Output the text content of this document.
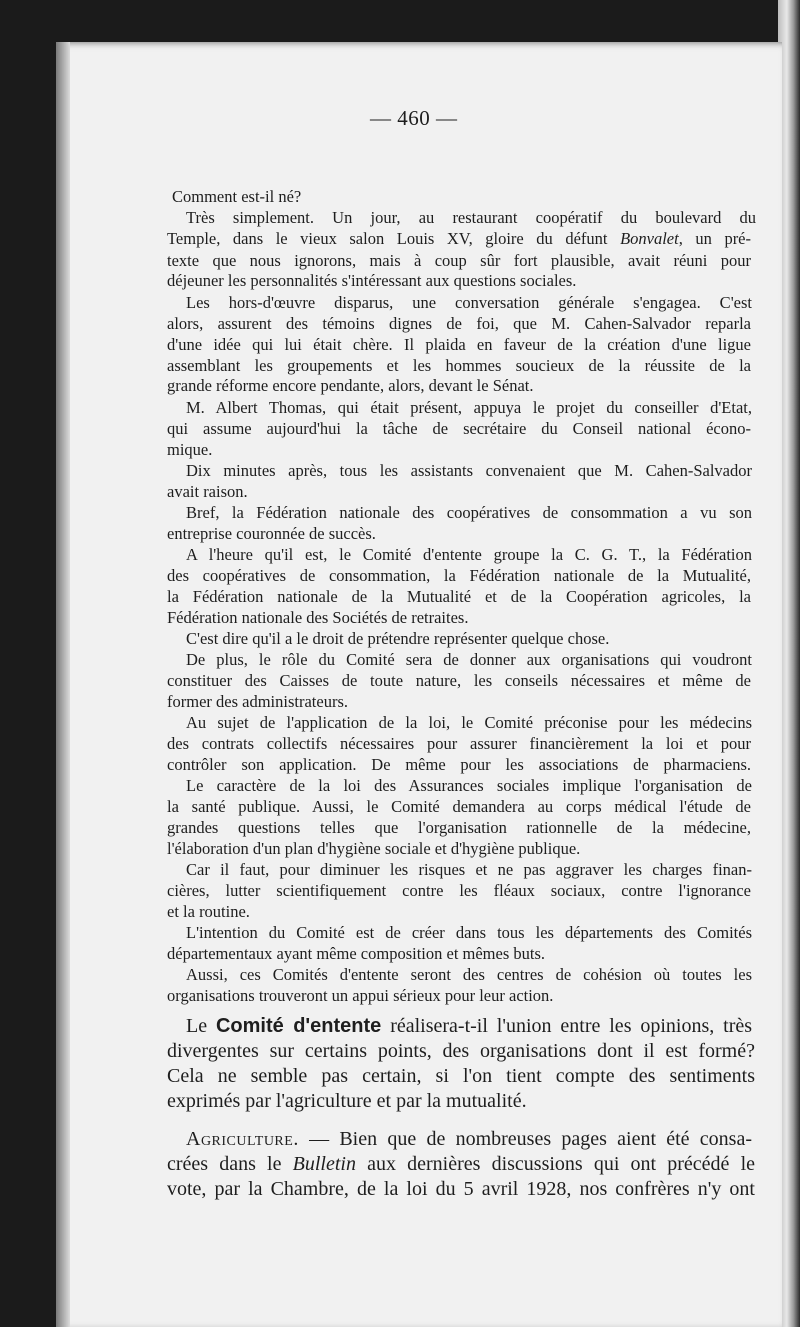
— 460 —
Comment est-il né?
Très simplement. Un jour, au restaurant coopératif du boulevard du
Temple, dans le vieux salon Louis XV, gloire du défunt Bonvalet, un pré-
texte que nous ignorons, mais à coup sûr fort plausible, avait réuni pour
déjeuner les personnalités s'intéressant aux questions sociales.
Les hors-d'œuvre disparus, une conversation générale s'engagea. C'est
alors, assurent des témoins dignes de foi, que M. Cahen-Salvador reparla
d'une idée qui lui était chère. Il plaida en faveur de la création d'une ligue
assemblant les groupements et les hommes soucieux de la réussite de la
grande réforme encore pendante, alors, devant le Sénat.
M. Albert Thomas, qui était présent, appuya le projet du conseiller d'Etat,
qui assume aujourd'hui la tâche de secrétaire du Conseil national écono-
mique.
Dix minutes après, tous les assistants convenaient que M. Cahen-Salvador
avait raison.
Bref, la Fédération nationale des coopératives de consommation a vu son
entreprise couronnée de succès.
A l'heure qu'il est, le Comité d'entente groupe la C. G. T., la Fédération
des coopératives de consommation, la Fédération nationale de la Mutualité,
la Fédération nationale de la Mutualité et de la Coopération agricoles, la
Fédération nationale des Sociétés de retraites.
C'est dire qu'il a le droit de prétendre représenter quelque chose.
De plus, le rôle du Comité sera de donner aux organisations qui voudront
constituer des Caisses de toute nature, les conseils nécessaires et même de
former des administrateurs.
Au sujet de l'application de la loi, le Comité préconise pour les médecins
des contrats collectifs nécessaires pour assurer financièrement la loi et pour
contrôler son application. De même pour les associations de pharmaciens.
Le caractère de la loi des Assurances sociales implique l'organisation de
la santé publique. Aussi, le Comité demandera au corps médical l'étude de
grandes questions telles que l'organisation rationnelle de la médecine,
l'élaboration d'un plan d'hygiène sociale et d'hygiène publique.
Car il faut, pour diminuer les risques et ne pas aggraver les charges finan-
cières, lutter scientifiquement contre les fléaux sociaux, contre l'ignorance
et la routine.
L'intention du Comité est de créer dans tous les départements des Comités
départementaux ayant même composition et mêmes buts.
Aussi, ces Comités d'entente seront des centres de cohésion où toutes les
organisations trouveront un appui sérieux pour leur action.
Le Comité d'entente réalisera-t-il l'union entre les opinions, très
divergentes sur certains points, des organisations dont il est formé?
Cela ne semble pas certain, si l'on tient compte des sentiments
exprimés par l'agriculture et par la mutualité.
Agriculture. — Bien que de nombreuses pages aient été consa-
crées dans le Bulletin aux dernières discussions qui ont précédé le
vote, par la Chambre, de la loi du 5 avril 1928, nos confrères n'y ont
